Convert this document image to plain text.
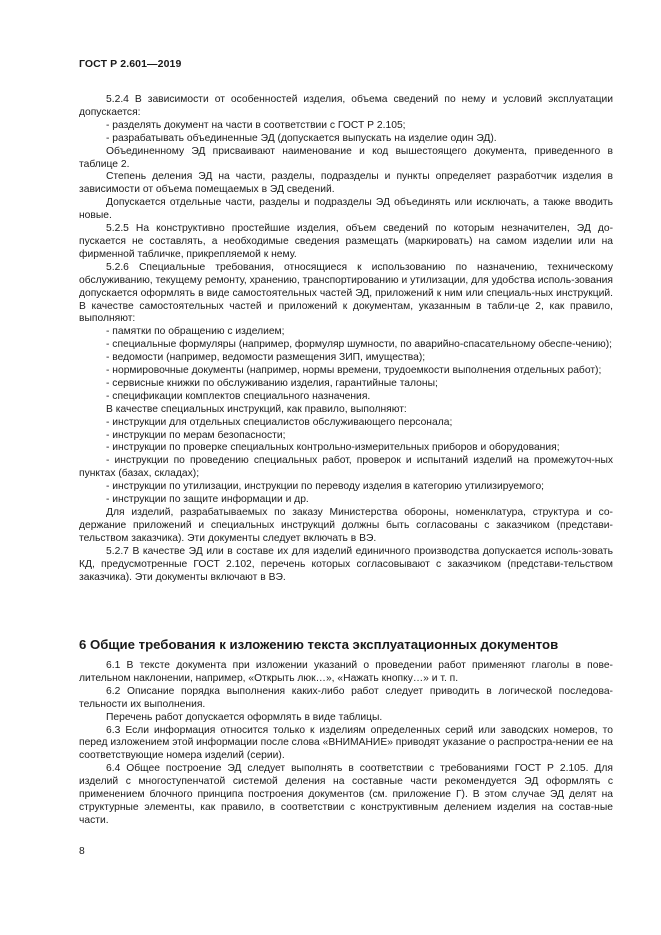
ГОСТ Р 2.601—2019

5.2.4 В зависимости от особенностей изделия, объема сведений по нему и условий эксплуатации допускается:

- разделять документ на части в соответствии с ГОСТ Р 2.105;

- разрабатывать объединенные ЭД (допускается выпускать на изделие один ЭД).

Объединенному ЭД присваивают наименование и код вышестоящего документа, приведенного в таблице 2.

Степень деления ЭД на части, разделы, подразделы и пункты определяет разработчик изделия в зависимости от объема помещаемых в ЭД сведений.

Допускается отдельные части, разделы и подразделы ЭД объединять или исключать, а также вводить новые.

5.2.5 На конструктивно простейшие изделия, объем сведений по которым незначителен, ЭД до-пускается не составлять, а необходимые сведения размещать (маркировать) на самом изделии или на фирменной табличке, прикрепляемой к нему.

5.2.6 Специальные требования, относящиеся к использованию по назначению, техническому обслуживанию, текущему ремонту, хранению, транспортированию и утилизации, для удобства исполь-зования допускается оформлять в виде самостоятельных частей ЭД, приложений к ним или специаль-ных инструкций. В качестве самостоятельных частей и приложений к документам, указанным в табли-це 2, как правило, выполняют:

- памятки по обращению с изделием;

- специальные формуляры (например, формуляр шумности, по аварийно-спасательному обеспе-чению);

- ведомости (например, ведомости размещения ЗИП, имущества);

- нормировочные документы (например, нормы времени, трудоемкости выполнения отдельных работ);

- сервисные книжки по обслуживанию изделия, гарантийные талоны;

- спецификации комплектов специального назначения.

В качестве специальных инструкций, как правило, выполняют:

- инструкции для отдельных специалистов обслуживающего персонала;

- инструкции по мерам безопасности;

- инструкции по проверке специальных контрольно-измерительных приборов и оборудования;

- инструкции по проведению специальных работ, проверок и испытаний изделий на промежуточ-ных пунктах (базах, складах);

- инструкции по утилизации, инструкции по переводу изделия в категорию утилизируемого;

- инструкции по защите информации и др.

Для изделий, разрабатываемых по заказу Министерства обороны, номенклатура, структура и со-держание приложений и специальных инструкций должны быть согласованы с заказчиком (представи-тельством заказчика). Эти документы следует включать в ВЭ.

5.2.7 В качестве ЭД или в составе их для изделий единичного производства допускается исполь-зовать КД, предусмотренные ГОСТ 2.102, перечень которых согласовывают с заказчиком (представи-тельством заказчика). Эти документы включают в ВЭ.

6 Общие требования к изложению текста эксплуатационных документов

6.1 В тексте документа при изложении указаний о проведении работ применяют глаголы в пове-лительном наклонении, например, «Открыть люк…», «Нажать кнопку…» и т. п.

6.2 Описание порядка выполнения каких-либо работ следует приводить в логической последова-тельности их выполнения.

Перечень работ допускается оформлять в виде таблицы.

6.3 Если информация относится только к изделиям определенных серий или заводских номеров, то перед изложением этой информации после слова «ВНИМАНИЕ» приводят указание о распростра-нении ее на соответствующие номера изделий (серии).

6.4 Общее построение ЭД следует выполнять в соответствии с требованиями ГОСТ Р 2.105. Для изделий с многоступенчатой системой деления на составные части рекомендуется ЭД оформлять с применением блочного принципа построения документов (см. приложение Г). В этом случае ЭД делят на структурные элементы, как правило, в соответствии с конструктивным делением изделия на состав-ные части.

8
